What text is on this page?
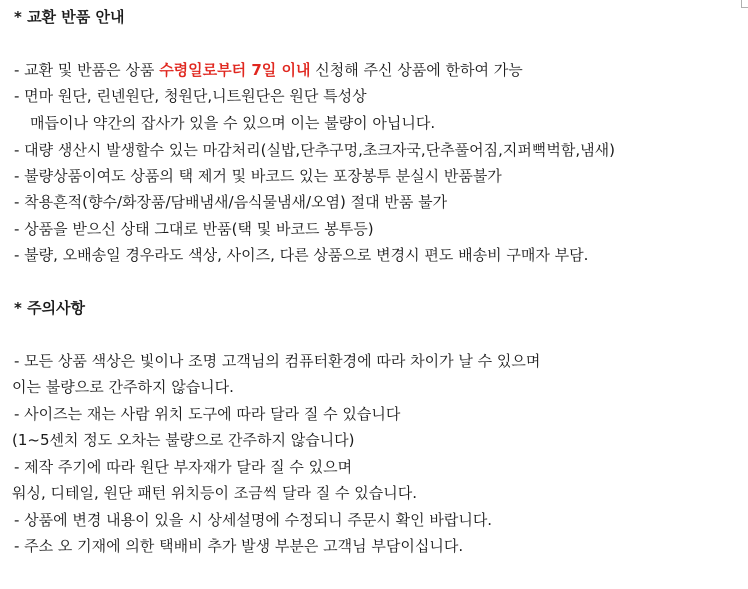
* 교환 반품 안내
- 교환 및 반품은 상품 수령일로부터 7일 이내 신청해 주신 상품에 한하여 가능
- 면마 원단, 린넨원단, 청원단,니트원단은 원단 특성상
매듭이나 약간의 잡사가 있을 수 있으며 이는 불량이 아닙니다.
- 대량 생산시 발생할수 있는 마감처리(실밥,단추구멍,초크자국,단추풀어짐,지퍼뻑벅함,냄새)
- 불량상품이여도 상품의 택 제거 및 바코드 있는 포장봉투 분실시 반품불가
- 착용흔적(향수/화장품/담배냄새/음식물냄새/오염) 절대 반품 불가
- 상품을 받으신 상태 그대로 반품(택 및 바코드 봉투등)
- 불량, 오배송일 경우라도 색상, 사이즈, 다른 상품으로 변경시 편도 배송비 구매자 부담.
* 주의사항
- 모든 상품 색상은 빛이나 조명 고객님의 컴퓨터환경에 따라 차이가 날 수 있으며
이는 불량으로 간주하지 않습니다.
- 사이즈는 재는 사람 위치 도구에 따라 달라 질 수 있습니다
(1~5센치 정도 오차는 불량으로 간주하지 않습니다)
- 제작 주기에 따라 원단 부자재가 달라 질 수 있으며
워싱, 디테일, 원단 패턴 위치등이 조금씩 달라 질 수 있습니다.
- 상품에 변경 내용이 있을 시 상세설명에 수정되니 주문시 확인 바랍니다.
- 주소 오 기재에 의한 택배비 추가 발생 부분은 고객님 부담이십니다.
